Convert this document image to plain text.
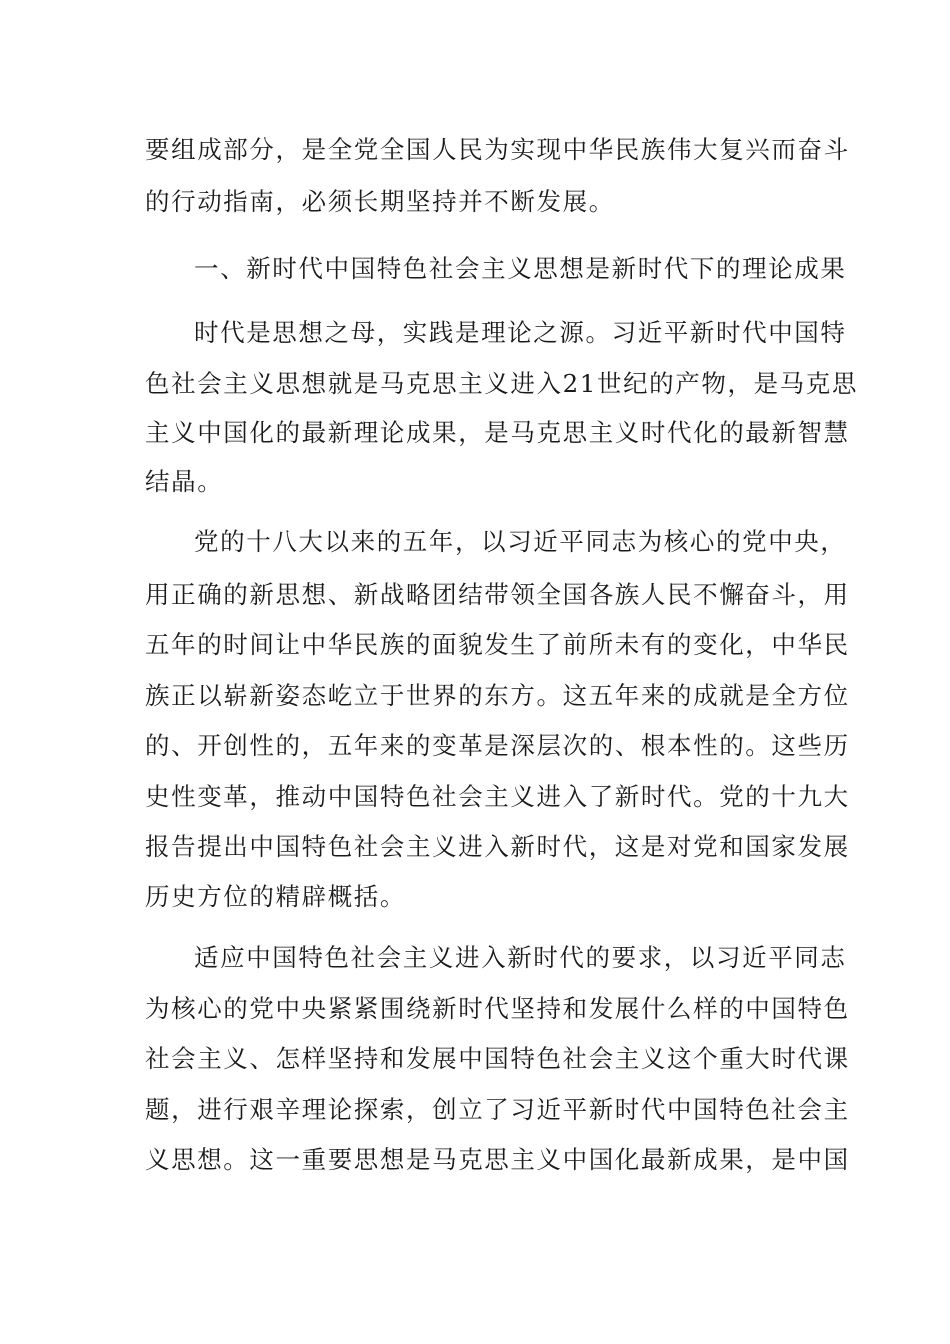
要组成部分，是全党全国人民为实现中华民族伟大复兴而奋斗
的行动指南，必须长期坚持并不断发展。
一、新时代中国特色社会主义思想是新时代下的理论成果
时代是思想之母，实践是理论之源。习近平新时代中国特
色社会主义思想就是马克思主义进入21世纪的产物，是马克思
主义中国化的最新理论成果，是马克思主义时代化的最新智慧
结晶。
党的十八大以来的五年，以习近平同志为核心的党中央，
用正确的新思想、新战略团结带领全国各族人民不懈奋斗，用
五年的时间让中华民族的面貌发生了前所未有的变化，中华民
族正以崭新姿态屹立于世界的东方。这五年来的成就是全方位
的、开创性的，五年来的变革是深层次的、根本性的。这些历
史性变革，推动中国特色社会主义进入了新时代。党的十九大
报告提出中国特色社会主义进入新时代，这是对党和国家发展
历史方位的精辟概括。
适应中国特色社会主义进入新时代的要求，以习近平同志
为核心的党中央紧紧围绕新时代坚持和发展什么样的中国特色
社会主义、怎样坚持和发展中国特色社会主义这个重大时代课
题，进行艰辛理论探索，创立了习近平新时代中国特色社会主
义思想。这一重要思想是马克思主义中国化最新成果，是中国
